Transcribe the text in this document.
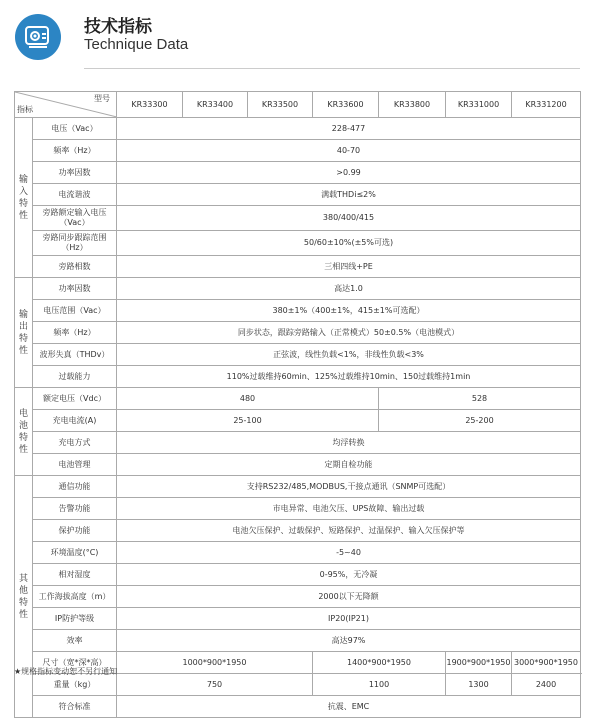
技术指标
Technique Data
型号
指标		KR33300	KR33400	KR33500	KR33600	KR33800	KR331000	KR331200
输入特性	电压（Vac）	228-477						
	频率（Hz）	40-70						
	功率因数	>0.99						
	电流谐波	满载THDi≤2%						
	旁路额定输入电压（Vac）	380/400/415						
	旁路同步跟踪范围（Hz）	50/60±10%(±5%可选)						
	旁路相数	三相四线+PE						
输出特性	功率因数	高达1.0						
	电压范围（Vac）	380±1%（400±1%，415±1%可选配）						
	频率（Hz）	同步状态，跟踪旁路输入（正常模式）50±0.5%（电池模式）						
	波形失真（THDv）	正弦波，线性负载<1%，非线性负载<3%						
	过载能力	110%过载维持60min、125%过载维持10min、150过载维持1min						
电池特性	额定电压（Vdc）	480				528		
	充电电流(A)	25-100				25-200		
	充电方式	均浮转换						
	电池管理	定期自检功能						
其他特性	通信功能	支持RS232/485,MODBUS,干接点通讯（SNMP可选配）						
	告警功能	市电异常、电池欠压、UPS故障、输出过载						
	保护功能	电池欠压保护、过载保护、短路保护、过温保护、输入欠压保护等						
	环境温度(°C)	-5~40						
	相对湿度	0-95%，无冷凝						
	工作海拔高度（m）	2000以下无降额						
	IP防护等级	IP20(IP21)						
	效率	高达97%						
	尺寸（宽*深*高）	1000*900*1950			1400*900*1950		1900*900*1950	3000*900*1950
	重量（kg）	750			1100		1300	2400
	符合标准	抗震、EMC						
★规格指标变动恕不另行通知
